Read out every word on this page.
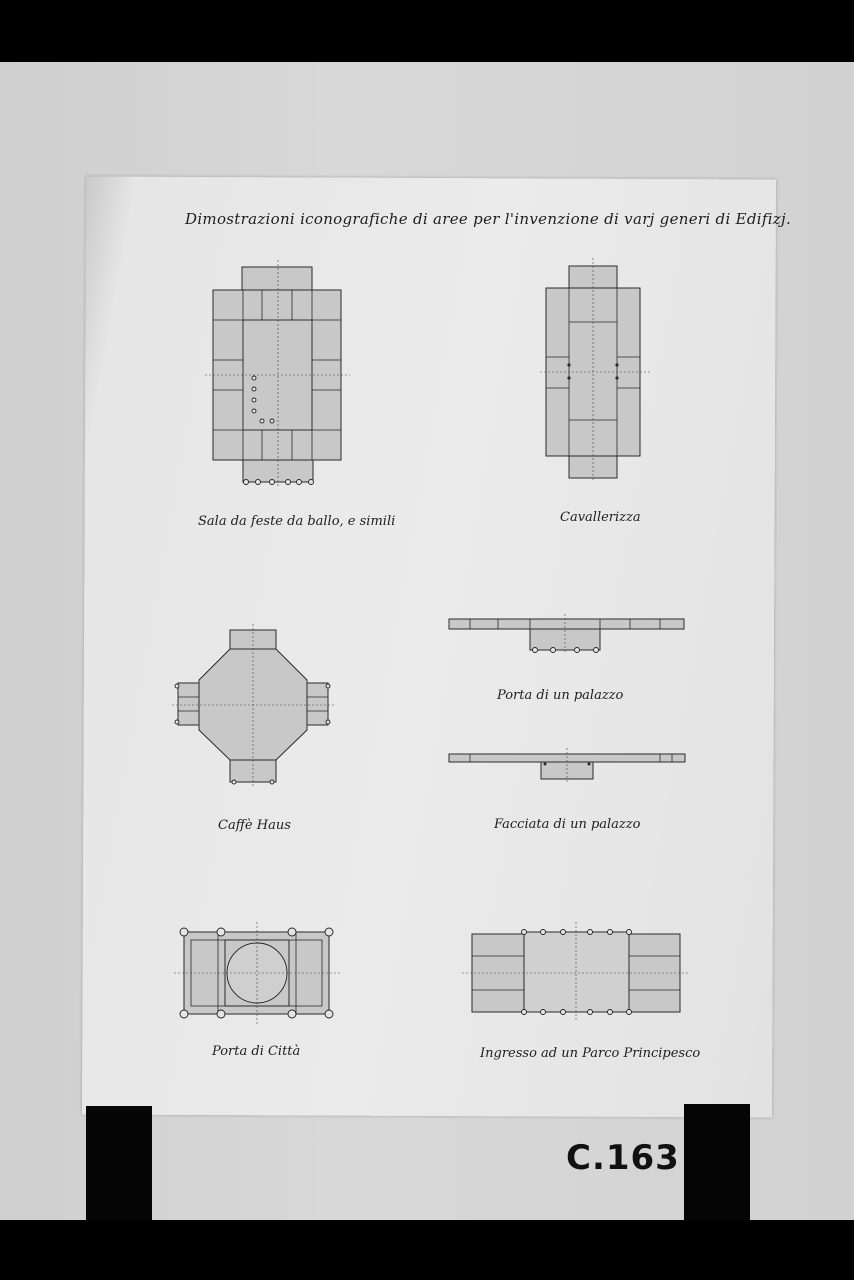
Dimostrazioni iconografiche di aree per l'invenzione di varj generi di Edifizj.
Sala da feste da ballo, e simili	Cavallerizza
Porta di un palazzo
Caffè Haus	Facciata di un palazzo
Porta di Città	Ingresso ad un Parco Principesco
C.163
